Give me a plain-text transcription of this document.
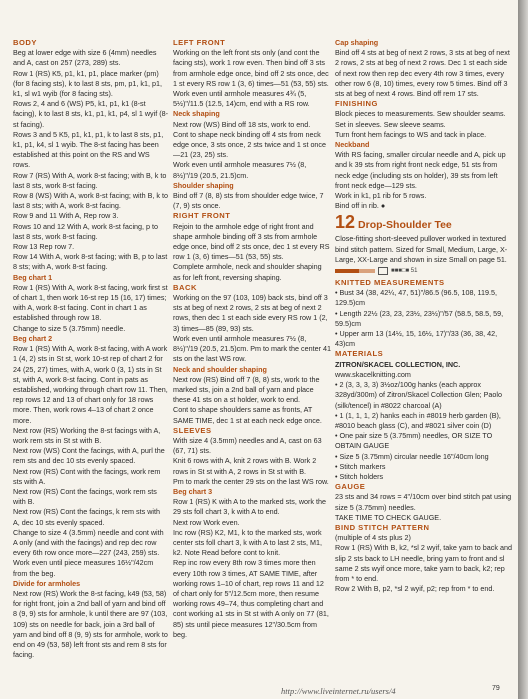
BODY

Beg at lower edge with size 6 (4mm) needles and A, cast on 257 (273, 289) sts.

Row 1 (RS) K5, p1, k1, p1, place marker (pm) (for 8 facing sts), k to last 8 sts, pm, p1, k1, p1, k1, sl w1 wyib (for 8 facing sts).

Rows 2, 4 and 6 (WS) P5, k1, p1, k1 (8-st facing), k to last 8 sts, k1, p1, k1, p4, sl 1 wyif (8-st facing).

Rows 3 and 5 K5, p1, k1, p1, k to last 8 sts, p1, k1, p1, k4, sl 1 wyib. The 8-st facing has been established at this point on the RS and WS rows.

Row 7 (RS) With A, work 8-st facing; with B, k to last 8 sts, work 8-st facing.

Row 8 (WS) With A, work 8-st facing; with B, k to last 8 sts; with A, work 8-st facing.

Row 9 and 11 With A, Rep row 3.

Rows 10 and 12 With A, work 8-st facing, p to last 8 sts, work 8-st facing.

Row 13 Rep row 7.

Row 14 With A, work 8-st facing; with B, p to last 8 sts; with A, work 8-st facing.

Beg chart 1

Row 1 (RS) With A, work 8-st facing, work first st of chart 1, then work 16-st rep 15 (16, 17) times; with A, work 8-st facing. Cont in chart 1 as established through row 18.

Change to size 5 (3.75mm) needle.

Beg chart 2

Row 1 (RS) With A, work 8-st facing, with A work 1 (4, 2) sts in St st, work 10-st rep of chart 2 for 24 (25, 27) times, with A, work 0 (3, 1) sts in St st, with A, work 8-st facing. Cont in pats as established, working through chart row 11. Then, rep rows 12 and 13 of chart only for 18 rows more. Then, work rows 4–13 of chart 2 once more.

Next row (RS) Working the 8-st facings with A, work rem sts in St st with B.

Next row (WS) Cont the facings, with A, purl the rem sts and dec 10 sts evenly spaced.

Next row (RS) Cont with the facings, work rem sts with A.

Next row (RS) Cont the facings, work rem sts with B.

Next row (RS) Cont the facings, k rem sts with A, dec 10 sts evenly spaced.

Change to size 4 (3.5mm) needle and cont with A only (and with the facings) and rep dec row every 6th row once more—227 (243, 259) sts.

Work even until piece measures 16½"/42cm from the beg.

Divide for armholes

Next row (RS) Work the 8-st facing, k49 (53, 58) for right front, join a 2nd ball of yarn and bind off 8 (9, 9) sts for armhole, k until there are 97 (103, 109) sts on needle for back, join a 3rd ball of yarn and bind off 8 (9, 9) sts for armhole, work to end on 49 (53, 58) left front sts and rem 8 sts for facing.

LEFT FRONT

Working on the left front sts only (and cont the facing sts), work 1 row even. Then bind off 3 sts from armhole edge once, bind off 2 sts once, dec 1 st every RS row 1 (3, 6) times—51 (53, 55) sts. Work even until armhole measures 4¾ (5, 5½)"/11.5 (12.5, 14)cm, end with a RS row.

Neck shaping

Next row (WS) Bind off 18 sts, work to end.

Cont to shape neck binding off 4 sts from neck edge once, 3 sts once, 2 sts twice and 1 st once—21 (23, 25) sts.

Work even until armhole measures 7½ (8, 8½)"/19 (20.5, 21.5)cm.

Shoulder shaping

Bind off 7 (8, 8) sts from shoulder edge twice, 7 (7, 9) sts once.

RIGHT FRONT

Rejoin to the armhole edge of right front and shape armhole binding off 3 sts from armhole edge once, bind off 2 sts once, dec 1 st every RS row 1 (3, 6) times—51 (53, 55) sts.

Complete armhole, neck and shoulder shaping as for left front, reversing shaping.

BACK

Working on the 97 (103, 109) back sts, bind off 3 sts at beg of next 2 rows, 2 sts at beg of next 2 rows, then dec 1 st each side every RS row 1 (2, 3) times—85 (89, 93) sts.

Work even until armhole measures 7½ (8, 8½)"/19 (20.5, 21.5)cm. Pm to mark the center 41 sts on the last WS row.

Neck and shoulder shaping

Next row (RS) Bind off 7 (8, 8) sts, work to the marked sts, join a 2nd ball of yarn and place these 41 sts on a st holder, work to end.

Cont to shape shoulders same as fronts, AT SAME TIME, dec 1 st at each neck edge once.

SLEEVES

With size 4 (3.5mm) needles and A, cast on 63 (67, 71) sts.

Knit 6 rows with A, knit 2 rows with B. Work 2 rows in St st with A, 2 rows in St st with B.

Pm to mark the center 29 sts on the last WS row.

Beg chart 3

Row 1 (RS) K with A to the marked sts, work the 29 sts foll chart 3, k with A to end.

Next row Work even.

Inc row (RS) K2, M1, k to the marked sts, work center sts foll chart 3, k with A to last 2 sts, M1, k2. Note Read before cont to knit.

Rep inc row every 8th row 3 times more then every 10th row 3 times, AT SAME TIME, after working rows 1–10 of chart, rep rows 11 and 12 of chart only for 5"/12.5cm more, then resume working rows 49–74, thus completing chart and cont working a1 sts in St st with A only on 77 (81, 85) sts until piece measures 12"/30.5cm from beg.

Cap shaping

Bind off 4 sts at beg of next 2 rows, 3 sts at beg of next 2 rows, 2 sts at beg of next 2 rows. Dec 1 st each side of next row then rep dec every 4th row 3 times, every other row 6 (8, 10) times, every row 5 times. Bind off 3 sts at beg of next 4 rows. Bind off rem 17 sts.

FINISHING

Block pieces to measurements. Sew shoulder seams. Set in sleeves. Sew sleeve seams.

Turn front hem facings to WS and tack in place.

Neckband

With RS facing, smaller circular needle and A, pick up and k 39 sts from right front neck edge, 51 sts from neck edge (including sts on holder), 39 sts from left front neck edge—129 sts.

Work in k1, p1 rib for 5 rows.

Bind off in rib. ●

12 Drop-Shoulder Tee

Close-fitting short-sleeved pullover worked in textured bind stitch pattern. Sized for Small, Medium, Large, X-Large, XX-Large and shown in size Small on page 51.

■■■□■ 51
KNITTED MEASUREMENTS

• Bust 34 (38, 42¼, 47, 51)"/86.5 (96.5, 108, 119.5, 129.5)cm

• Length 22½ (23, 23, 23½, 23½)"/57 (58.5, 58.5, 59, 59.5)cm

• Upper arm 13 (14½, 15, 16½, 17)"/33 (36, 38, 42, 43)cm

MATERIALS

ZITRON/SKACEL COLLECTION, INC.

www.skacelknitting.com

• 2 (3, 3, 3, 3) 3½oz/100g hanks (each approx 328yd/300m) of Zitron/Skacel Collection Glen; Paolo (silk/tencel) in #8022 charcoal (A)

• 1 (1, 1, 1, 2) hanks each in #8019 herb garden (B), #8010 beach glass (C), and #8021 silver coin (D)

• One pair size 5 (3.75mm) needles, OR SIZE TO OBTAIN GAUGE

• Size 5 (3.75mm) circular needle 16"/40cm long

• Stitch markers

• Stitch holders

GAUGE

23 sts and 34 rows = 4"/10cm over bind stitch pat using size 5 (3.75mm) needles.

TAKE TIME TO CHECK GAUGE.

BIND STITCH PATTERN

(multiple of 4 sts plus 2)

Row 1 (RS) With B, k2, *sl 2 wyif, take yarn to back and slip 2 sts back to LH needle, bring yarn to front and sl same 2 sts wyif once more, take yarn to back, k2; rep from * to end.

Row 2 With B, p2, *sl 2 wyif, p2; rep from * to end.

http://www.liveinternet.ru/users/4	79
